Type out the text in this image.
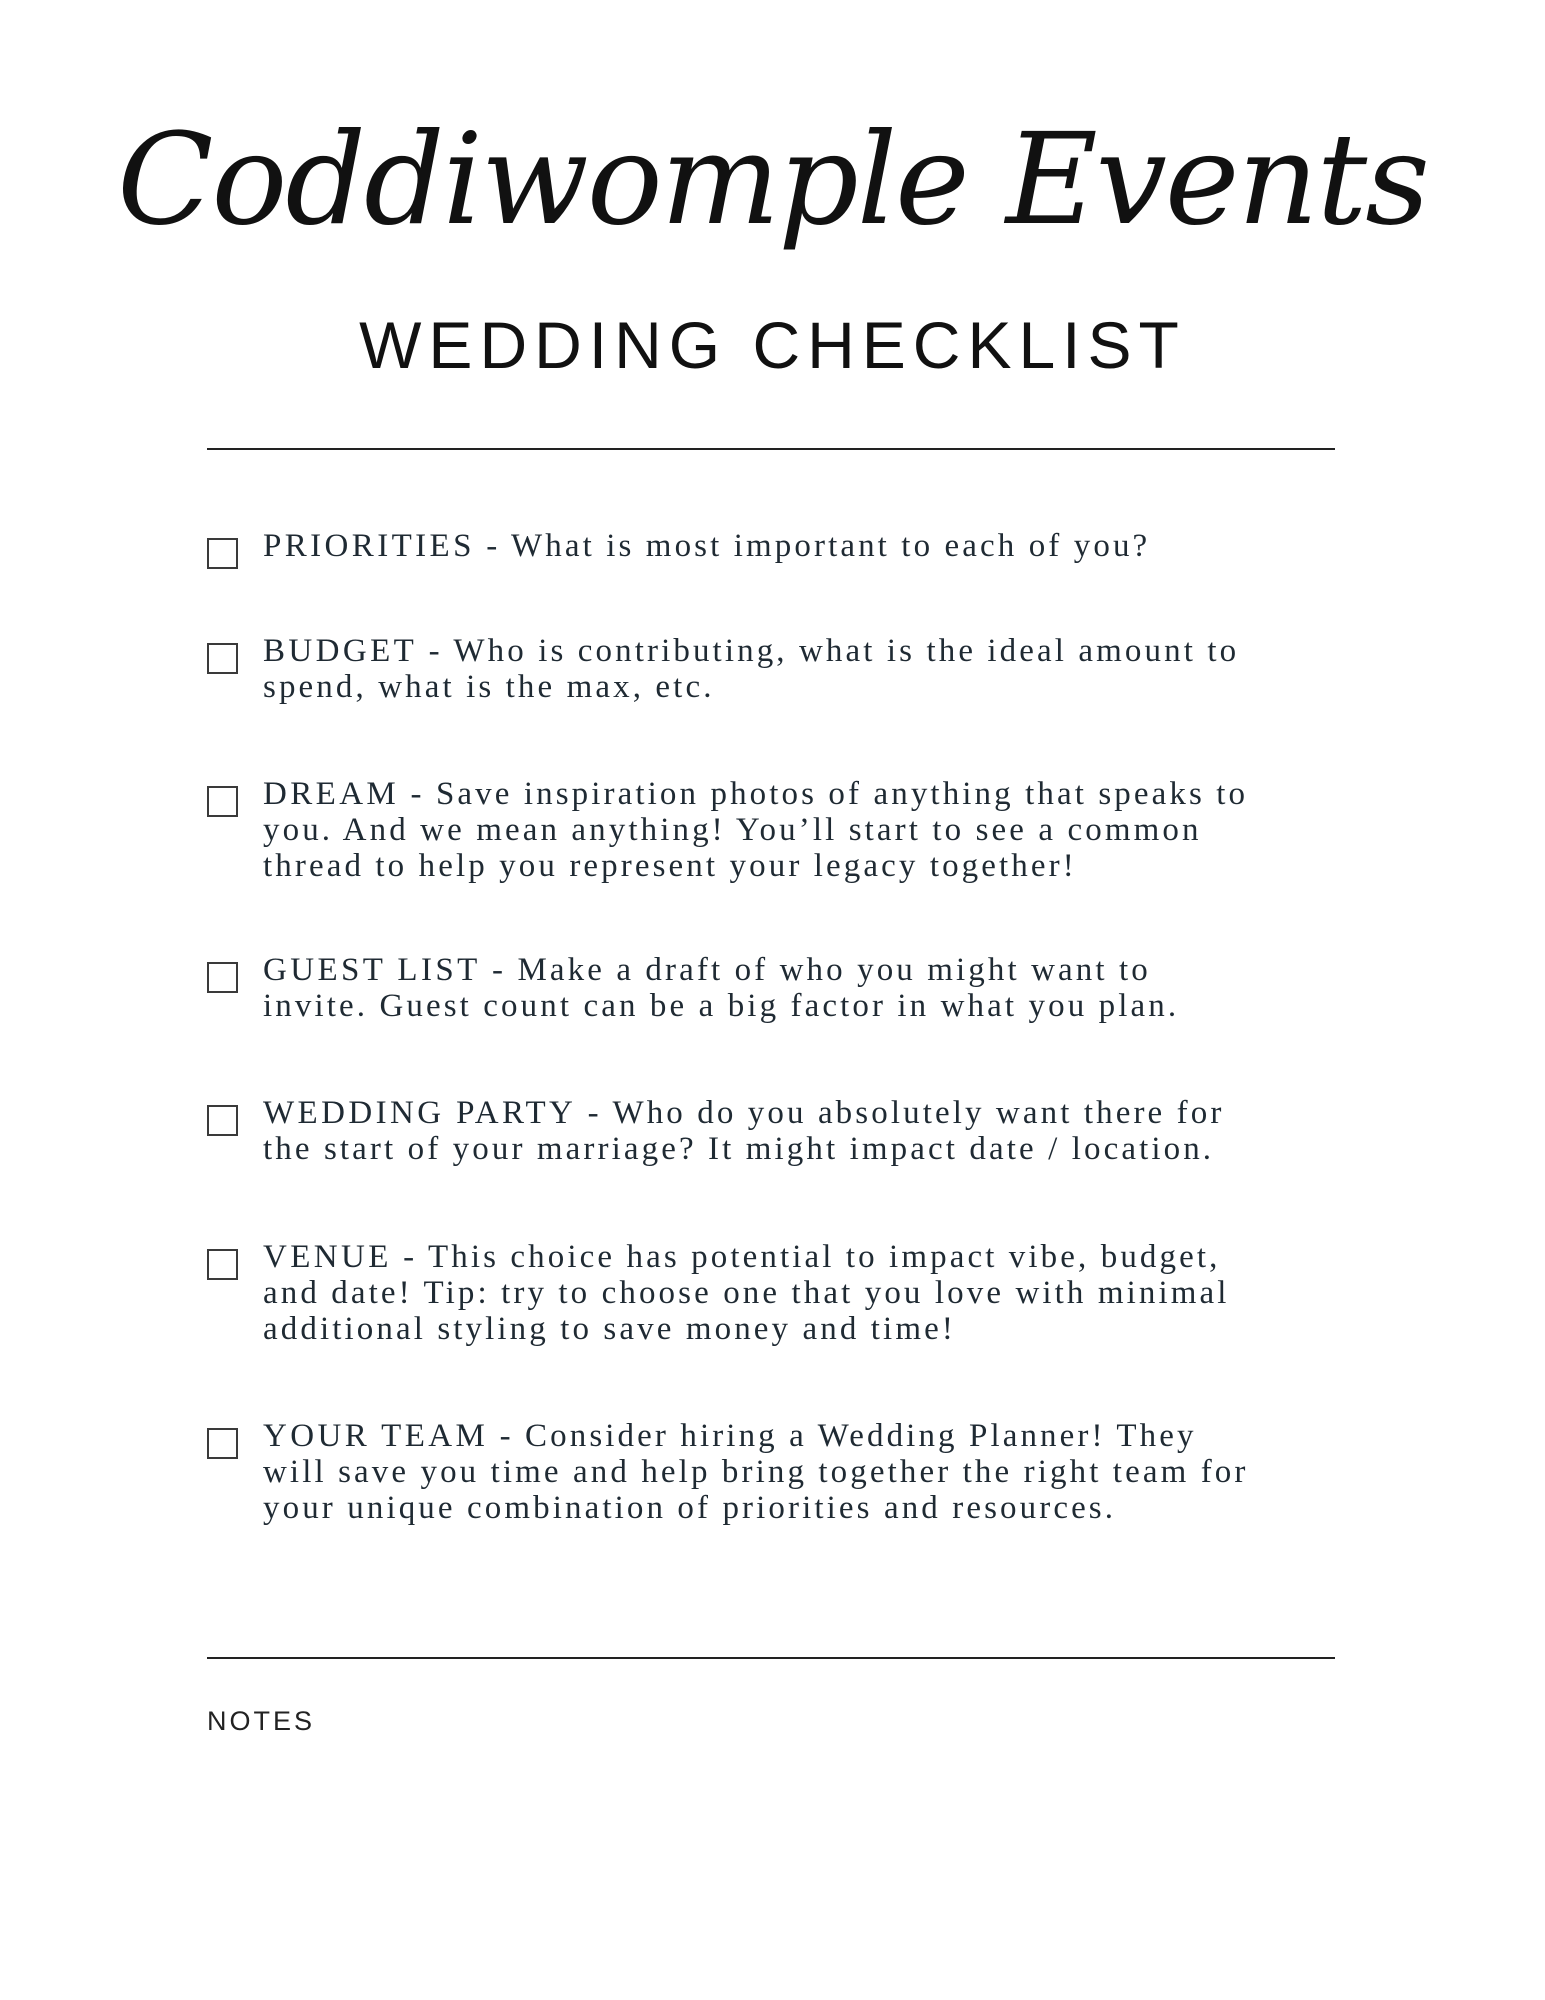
Coddiwomple Events
WEDDING CHECKLIST
PRIORITIES - What is most important to each of you?
BUDGET - Who is contributing, what is the ideal amount to
spend, what is the max, etc.
DREAM - Save inspiration photos of anything that speaks to
you. And we mean anything! You’ll start to see a common
thread to help you represent your legacy together!
GUEST LIST - Make a draft of who you might want to
invite. Guest count can be a big factor in what you plan.
WEDDING PARTY - Who do you absolutely want there for
the start of your marriage? It might impact date / location.
VENUE - This choice has potential to impact vibe, budget,
and date! Tip: try to choose one that you love with minimal
additional styling to save money and time!
YOUR TEAM - Consider hiring a Wedding Planner! They
will save you time and help bring together the right team for
your unique combination of priorities and resources.
NOTES
